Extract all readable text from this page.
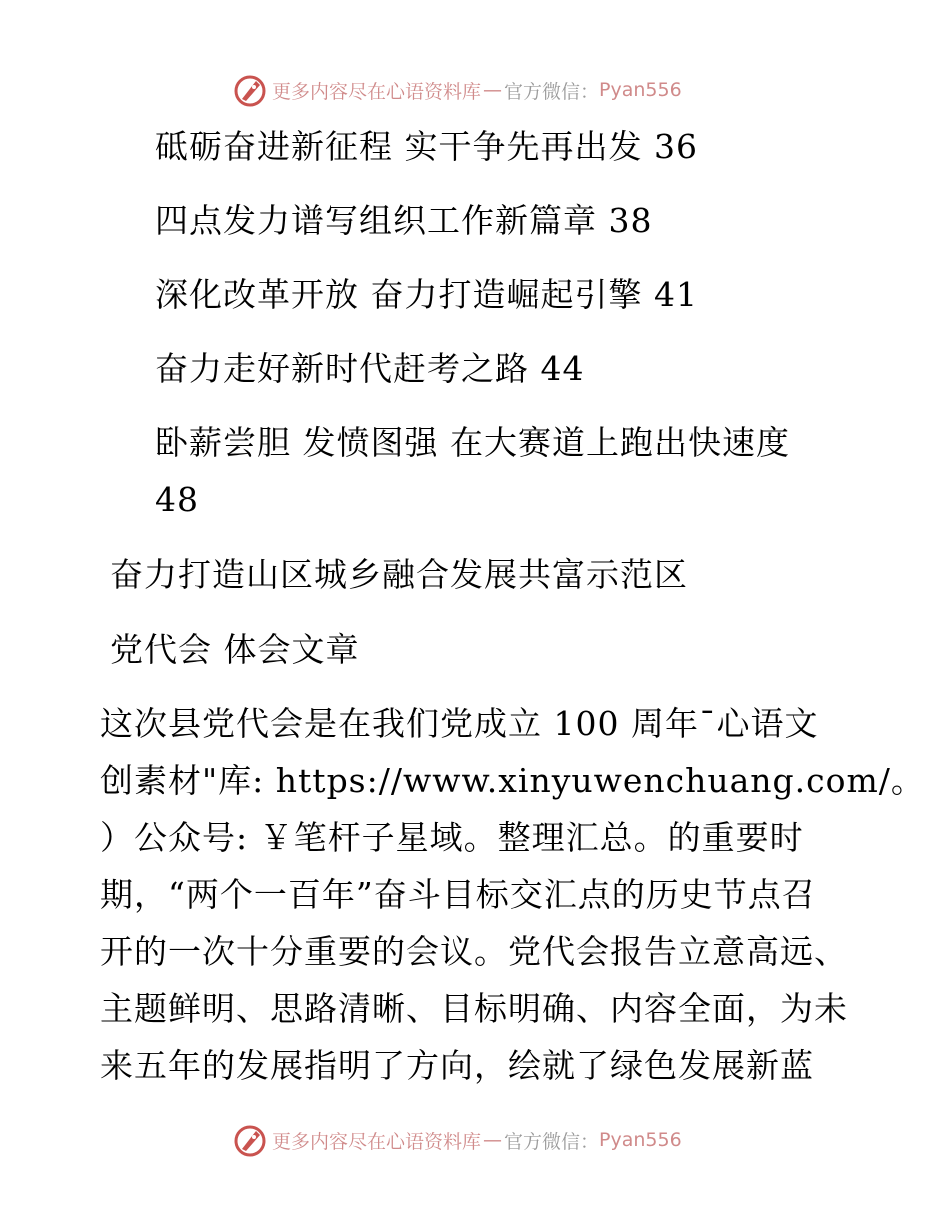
更多内容尽在心语资料库 — 官方微信： Pyan556
砥砺奋进新征程 实干争先再出发 36
四点发力谱写组织工作新篇章 38
深化改革开放 奋力打造崛起引擎 41
奋力走好新时代赶考之路 44
卧薪尝胆 发愤图强 在大赛道上跑出快速度
48
奋力打造山区城乡融合发展共富示范区
党代会 体会文章
这次县党代会是在我们党成立 100 周年¯心语文
创素材"库: https://www.xinyuwenchuang.com/。
）公众号: ￥笔杆子星域。整理汇总。的重要时
期，“两个一百年”奋斗目标交汇点的历史节点召
开的一次十分重要的会议。党代会报告立意高远、
主题鲜明、思路清晰、目标明确、内容全面，为未
来五年的发展指明了方向，绘就了绿色发展新蓝
更多内容尽在心语资料库 — 官方微信： Pyan556
